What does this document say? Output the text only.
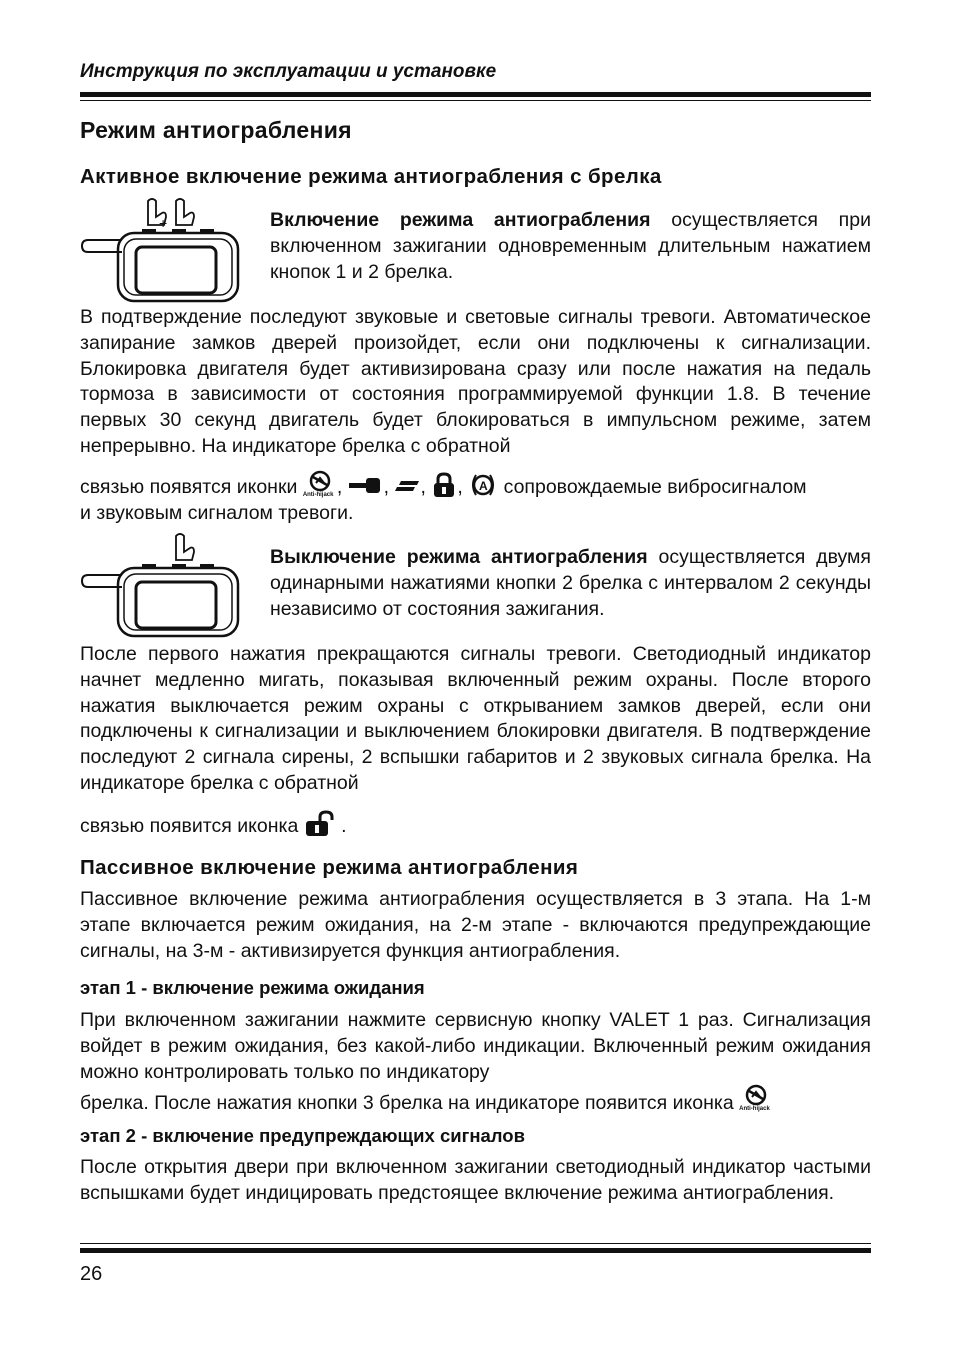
Инструкция по эксплуатации и установке
Режим антиограбления
Активное включение режима антиограбления с брелка
+	Включение режима антиограбления осуществляется при включенном зажигании одновременным длительным нажатием кнопок 1 и 2 брелка.
В подтверждение последуют звуковые и световые сигналы тревоги. Автоматическое запирание замков дверей произойдет, если они подключены к сигнализации. Блокировка двигателя будет активизирована сразу или после нажатия на педаль тормоза в зависимости от состояния программируемой функции 1.8. В течение первых 30 секунд двигатель будет блокироваться в импульсном режиме, затем непрерывно. На индикаторе брелка с обратной
связью появятся иконки Anti-hijack , , , , A сопровождаемые вибросигналом
и звуковым сигналом тревоги.
Выключение режима антиограбления осуществляется двумя одинарными нажатиями кнопки 2 брелка с интервалом 2 секунды независимо от состояния зажигания.
После первого нажатия прекращаются сигналы тревоги. Светодиодный индикатор начнет медленно мигать, показывая включенный режим охраны. После второго нажатия выключается режим охраны с открыванием замков дверей, если они подключены к сигнализации и выключением блокировки двигателя. В подтверждение последуют 2 сигнала сирены, 2 вспышки габаритов и 2 звуковых сигнала брелка. На индикаторе брелка с обратной
связью появится иконка .
Пассивное включение режима антиограбления
Пассивное включение режима антиограбления осуществляется в 3 этапа. На 1-м этапе включается режим ожидания, на 2-м этапе - включаются предупреждающие сигналы, на 3-м - активизируется функция антиограбления.
этап 1 - включение режима ожидания
При включенном зажигании нажмите сервисную кнопку VALET 1 раз. Сигнализация войдет в режим ожидания, без какой-либо индикации. Включенный режим ожидания можно контролировать только по индикатору
брелка. После нажатия кнопки 3 брелка на индикаторе появится иконка Anti-hijack
этап 2 - включение предупреждающих сигналов
После открытия двери при включенном зажигании светодиодный индикатор частыми вспышками будет индицировать предстоящее включение режима антиограбления.
26
